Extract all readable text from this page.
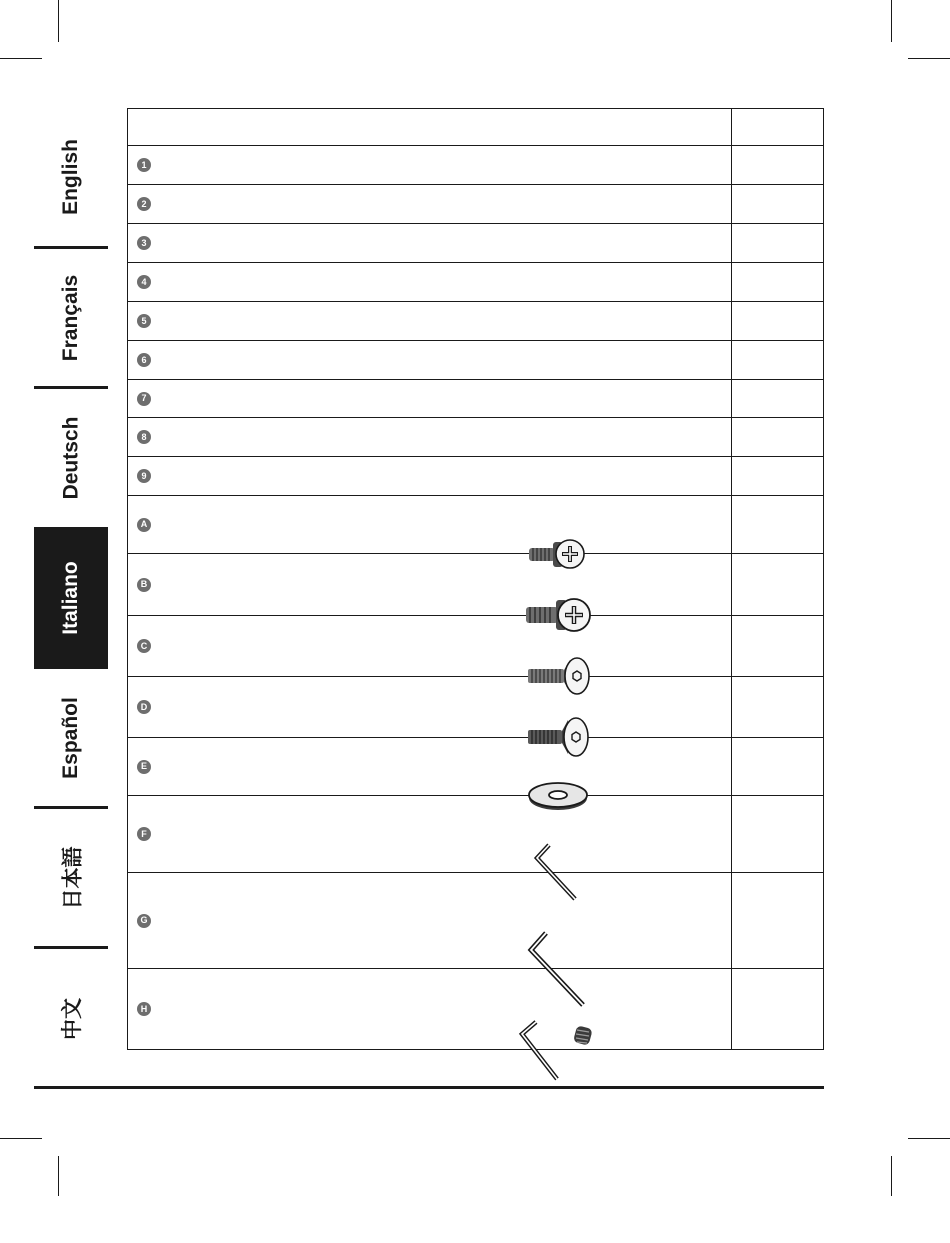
English
Français
Deutsch
Italiano
Español
日本語
中文

1	

2	

3	

4	

5	

6	

7	

8	

9	

A	

B	

C	

D	

E	

F	

G	

H	
